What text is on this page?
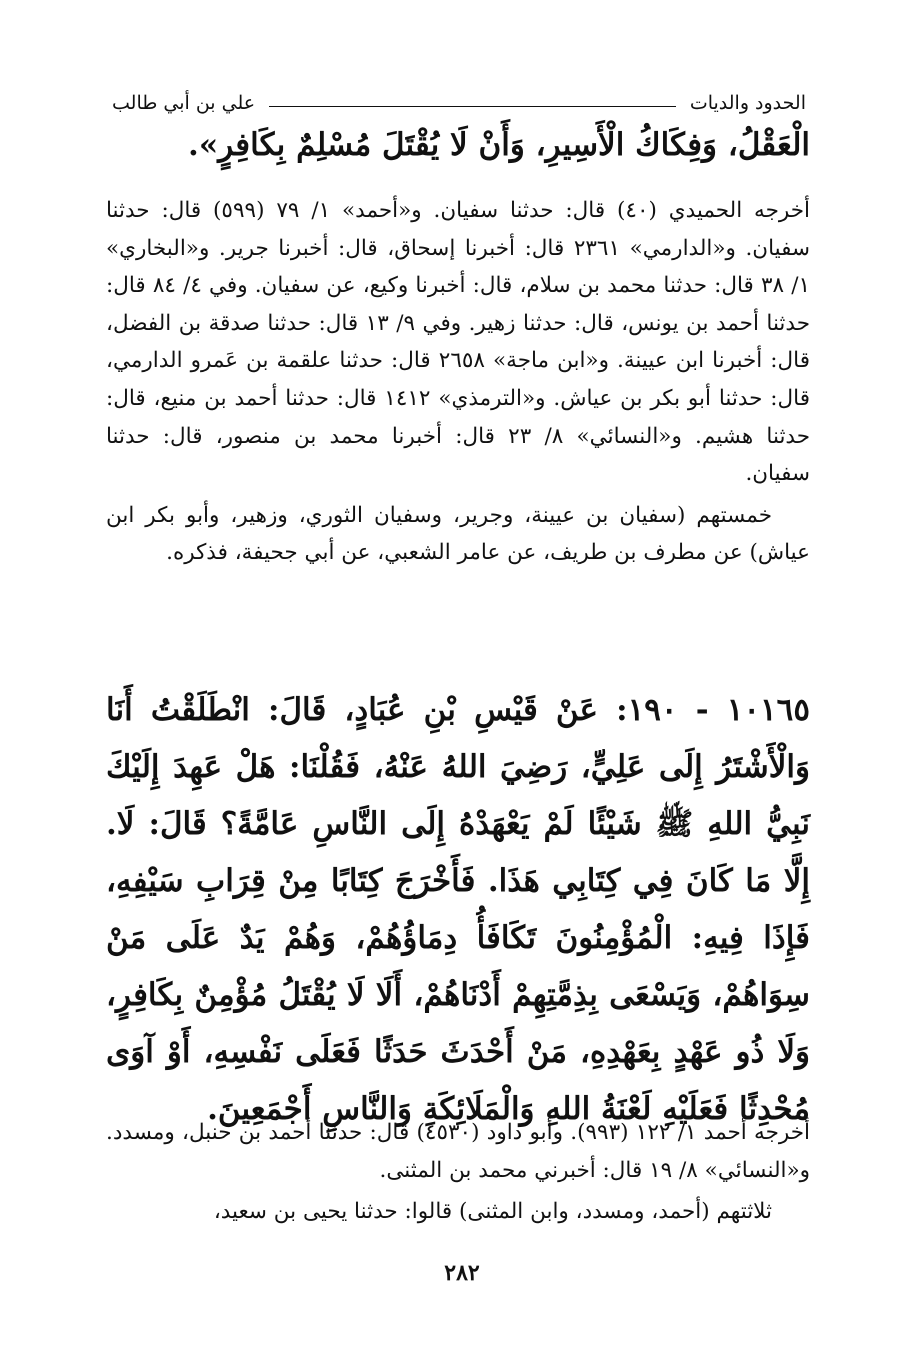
الحدود والديات
علي بن أبي طالب

الْعَقْلُ، وَفِكَاكُ الْأَسِيرِ، وَأَنْ لَا يُقْتَلَ مُسْلِمٌ بِكَافِرٍ».

أخرجه الحميدي (٤٠) قال: حدثنا سفيان. و«أحمد» ١/ ٧٩ (٥٩٩) قال: حدثنا سفيان. و«الدارمي» ٢٣٦١ قال: أخبرنا إسحاق، قال: أخبرنا جرير. و«البخاري» ١/ ٣٨ قال: حدثنا محمد بن سلام، قال: أخبرنا وكيع، عن سفيان. وفي ٤/ ٨٤ قال: حدثنا أحمد بن يونس، قال: حدثنا زهير. وفي ٩/ ١٣ قال: حدثنا صدقة بن الفضل، قال: أخبرنا ابن عيينة. و«ابن ماجة» ٢٦٥٨ قال: حدثنا علقمة بن عَمرو الدارمي، قال: حدثنا أبو بكر بن عياش. و«الترمذي» ١٤١٢ قال: حدثنا أحمد بن منيع، قال: حدثنا هشيم. و«النسائي» ٨/ ٢٣ قال: أخبرنا محمد بن منصور، قال: حدثنا سفيان.

خمستهم (سفيان بن عيينة، وجرير، وسفيان الثوري، وزهير، وأبو بكر ابن عياش) عن مطرف بن طريف، عن عامر الشعبي، عن أبي جحيفة، فذكره.

١٠١٦٥ - ١٩٠: عَنْ قَيْسِ بْنِ عُبَادٍ، قَالَ: انْطَلَقْتُ أَنَا وَالْأَشْتَرُ إِلَى عَلِيٍّ، رَضِيَ اللهُ عَنْهُ، فَقُلْنَا: هَلْ عَهِدَ إِلَيْكَ نَبِيُّ اللهِ ﷺ شَيْئًا لَمْ يَعْهَدْهُ إِلَى النَّاسِ عَامَّةً؟ قَالَ: لَا. إِلَّا مَا كَانَ فِي كِتَابِي هَذَا. فَأَخْرَجَ كِتَابًا مِنْ قِرَابِ سَيْفِهِ، فَإِذَا فِيهِ: الْمُؤْمِنُونَ تَكَافَأُ دِمَاؤُهُمْ، وَهُمْ يَدٌ عَلَى مَنْ سِوَاهُمْ، وَيَسْعَى بِذِمَّتِهِمْ أَدْنَاهُمْ، أَلَا لَا يُقْتَلُ مُؤْمِنٌ بِكَافِرٍ، وَلَا ذُو عَهْدٍ بِعَهْدِهِ، مَنْ أَحْدَثَ حَدَثًا فَعَلَى نَفْسِهِ، أَوْ آوَى مُحْدِثًا فَعَلَيْهِ لَعْنَةُ اللهِ وَالْمَلَائِكَةِ وَالنَّاسِ أَجْمَعِينَ.

أخرجه أحمد ١/ ١٢٢ (٩٩٣). وأبو داود (٤٥٣٠) قال: حدثنا أحمد بن حنبل، ومسدد. و«النسائي» ٨/ ١٩ قال: أخبرني محمد بن المثنى.

ثلاثتهم (أحمد، ومسدد، وابن المثنى) قالوا: حدثنا يحيى بن سعيد،

٢٨٢
